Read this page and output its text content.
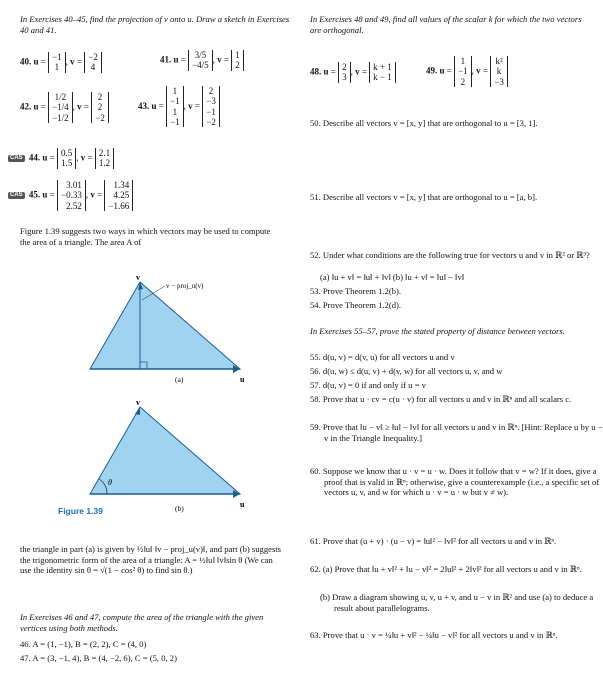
In Exercises 40–45, find the projection of v onto u. Draw a sketch in Exercises 40 and 41.
40. u = −1
1
, v = −2
4
41. u = 3/5
−4/5
, v = 1
2
42. u =
1/2
−1/4
−1/2
, v =
2
2
−2
43. u =
1
−1
1
−1
, v =
2
−3
−1
−2
CAS 44. u = 0.5
1.5
, v = 2.1
1.2
CAS 45. u =
3.01
−0.33
2.52
, v =
1.34
4.25
−1.66
Figure 1.39 suggests two ways in which vectors may be used to compute the area of a triangle. The area A of
v
v − proj_u(v)
u
(a)
θ
v
u
(b)
Figure 1.39
the triangle in part (a) is given by ½‖u‖ ‖v − proj_u(v)‖, and part (b) suggests the trigonometric form of the area of a triangle: A = ½‖u‖ ‖v‖sin θ (We can use the identity sin θ = √(1 − cos² θ) to find sin θ.)
In Exercises 46 and 47, compute the area of the triangle with the given vertices using both methods.
46. A = (1, −1), B = (2, 2), C = (4, 0)
47. A = (3, −1, 4), B = (4, −2, 6), C = (5, 0, 2)
In Exercises 48 and 49, find all values of the scalar k for which the two vectors are orthogonal.
48. u = 2
3
, v = k + 1
k − 1
49. u =
1
−1
2
, v =
k²
k
−3
50. Describe all vectors v = [x, y] that are orthogonal to u = [3, 1].
51. Describe all vectors v = [x, y] that are orthogonal to u = [a, b].
52. Under what conditions are the following true for vectors u and v in ℝ² or ℝ³?
(a) ‖u + v‖ = ‖u‖ + ‖v‖ (b) ‖u + v‖ = ‖u‖ − ‖v‖
53. Prove Theorem 1.2(b).
54. Prove Theorem 1.2(d).
In Exercises 55–57, prove the stated property of distance between vectors.
55. d(u, v) = d(v, u) for all vectors u and v
56. d(u, w) ≤ d(u, v) + d(v, w) for all vectors u, v, and w
57. d(u, v) = 0 if and only if u = v
58. Prove that u · cv = c(u · v) for all vectors u and v in ℝⁿ and all scalars c.
59. Prove that ‖u − v‖ ≥ ‖u‖ − ‖v‖ for all vectors u and v in ℝⁿ. [Hint: Replace u by u − v in the Triangle Inequality.]
60. Suppose we know that u · v = u · w. Does it follow that v = w? If it does, give a proof that is valid in ℝⁿ; otherwise, give a counterexample (i.e., a specific set of vectors u, v, and w for which u · v = u · w but v ≠ w).
61. Prove that (u + v) · (u − v) = ‖u‖² − ‖v‖² for all vectors u and v in ℝⁿ.
62. (a) Prove that ‖u + v‖² + ‖u − v‖² = 2‖u‖² + 2‖v‖² for all vectors u and v in ℝⁿ.
(b) Draw a diagram showing u, v, u + v, and u − v in ℝ² and use (a) to deduce a result about parallelograms.
63. Prove that u · v = ¼‖u + v‖² − ¼‖u − v‖² for all vectors u and v in ℝⁿ.
